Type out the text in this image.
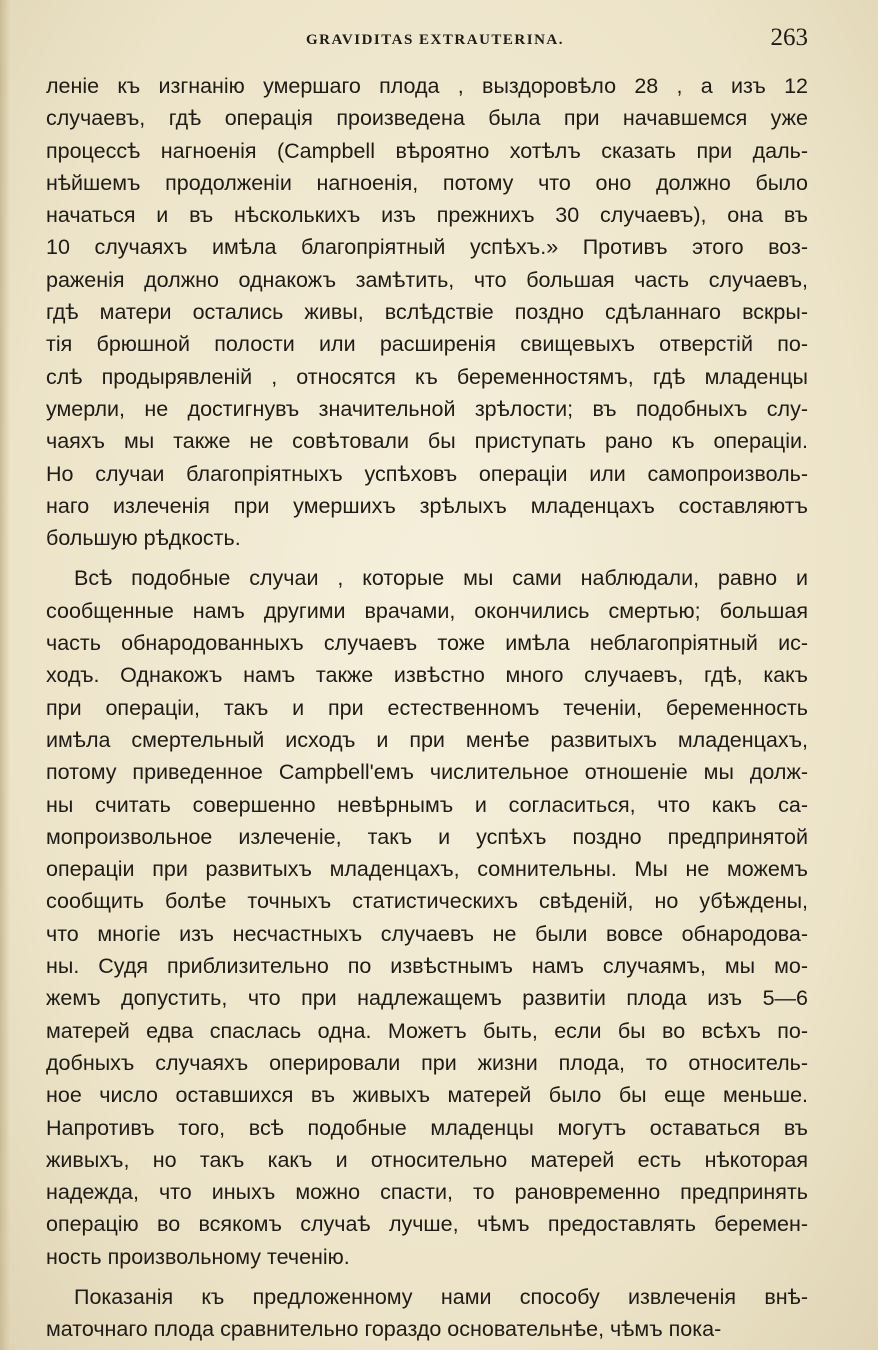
GRAVIDITAS EXTRAUTERINA.	263
леніе къ изгнанію умершаго плода , выздоровѣло 28 , а изъ 12
случаевъ, гдѣ операція произведена была при начавшемся уже
процессѣ нагноенія (Campbell вѣроятно хотѣлъ сказать при даль-
нѣйшемъ продолженіи нагноенія, потому что оно должно было
начаться и въ нѣсколькихъ изъ прежнихъ 30 случаевъ), она въ
10 случаяхъ имѣла благопріятный успѣхъ.» Противъ этого воз-
раженія должно однакожъ замѣтить, что большая часть случаевъ,
гдѣ матери остались живы, вслѣдствіе поздно сдѣланнаго вскры-
тія брюшной полости или расширенія свищевыхъ отверстій по-
слѣ продырявленій , относятся къ беременностямъ, гдѣ младенцы
умерли, не достигнувъ значительной зрѣлости; въ подобныхъ слу-
чаяхъ мы также не совѣтовали бы приступать рано къ операціи.
Но случаи благопріятныхъ успѣховъ операціи или самопроизволь-
наго излеченія при умершихъ зрѣлыхъ младенцахъ составляютъ
большую рѣдкость.
Всѣ подобные случаи , которые мы сами наблюдали, равно и
сообщенные намъ другими врачами, окончились смертью; большая
часть обнародованныхъ случаевъ тоже имѣла неблагопріятный ис-
ходъ. Однакожъ намъ также извѣстно много случаевъ, гдѣ, какъ
при операціи, такъ и при естественномъ теченіи, беременность
имѣла смертельный исходъ и при менѣе развитыхъ младенцахъ,
потому приведенное Campbell'емъ числительное отношеніе мы долж-
ны считать совершенно невѣрнымъ и согласиться, что какъ са-
мопроизвольное излеченіе, такъ и успѣхъ поздно предпринятой
операціи при развитыхъ младенцахъ, сомнительны. Мы не можемъ
сообщить болѣе точныхъ статистическихъ свѣденій, но убѣждены,
что многіе изъ несчастныхъ случаевъ не были вовсе обнародова-
ны. Судя приблизительно по извѣстнымъ намъ случаямъ, мы мо-
жемъ допустить, что при надлежащемъ развитіи плода изъ 5—6
матерей едва спаслась одна. Можетъ быть, если бы во всѣхъ по-
добныхъ случаяхъ оперировали при жизни плода, то относитель-
ное число оставшихся въ живыхъ матерей было бы еще меньше.
Напротивъ того, всѣ подобные младенцы могутъ оставаться въ
живыхъ, но такъ какъ и относительно матерей есть нѣкоторая
надежда, что иныхъ можно спасти, то рановременно предпринять
операцію во всякомъ случаѣ лучше, чѣмъ предоставлять беремен-
ность произвольному теченію.
Показанія къ предложенному нами способу извлеченія внѣ-
маточнаго плода сравнительно гораздо основательнѣе, чѣмъ пока-
